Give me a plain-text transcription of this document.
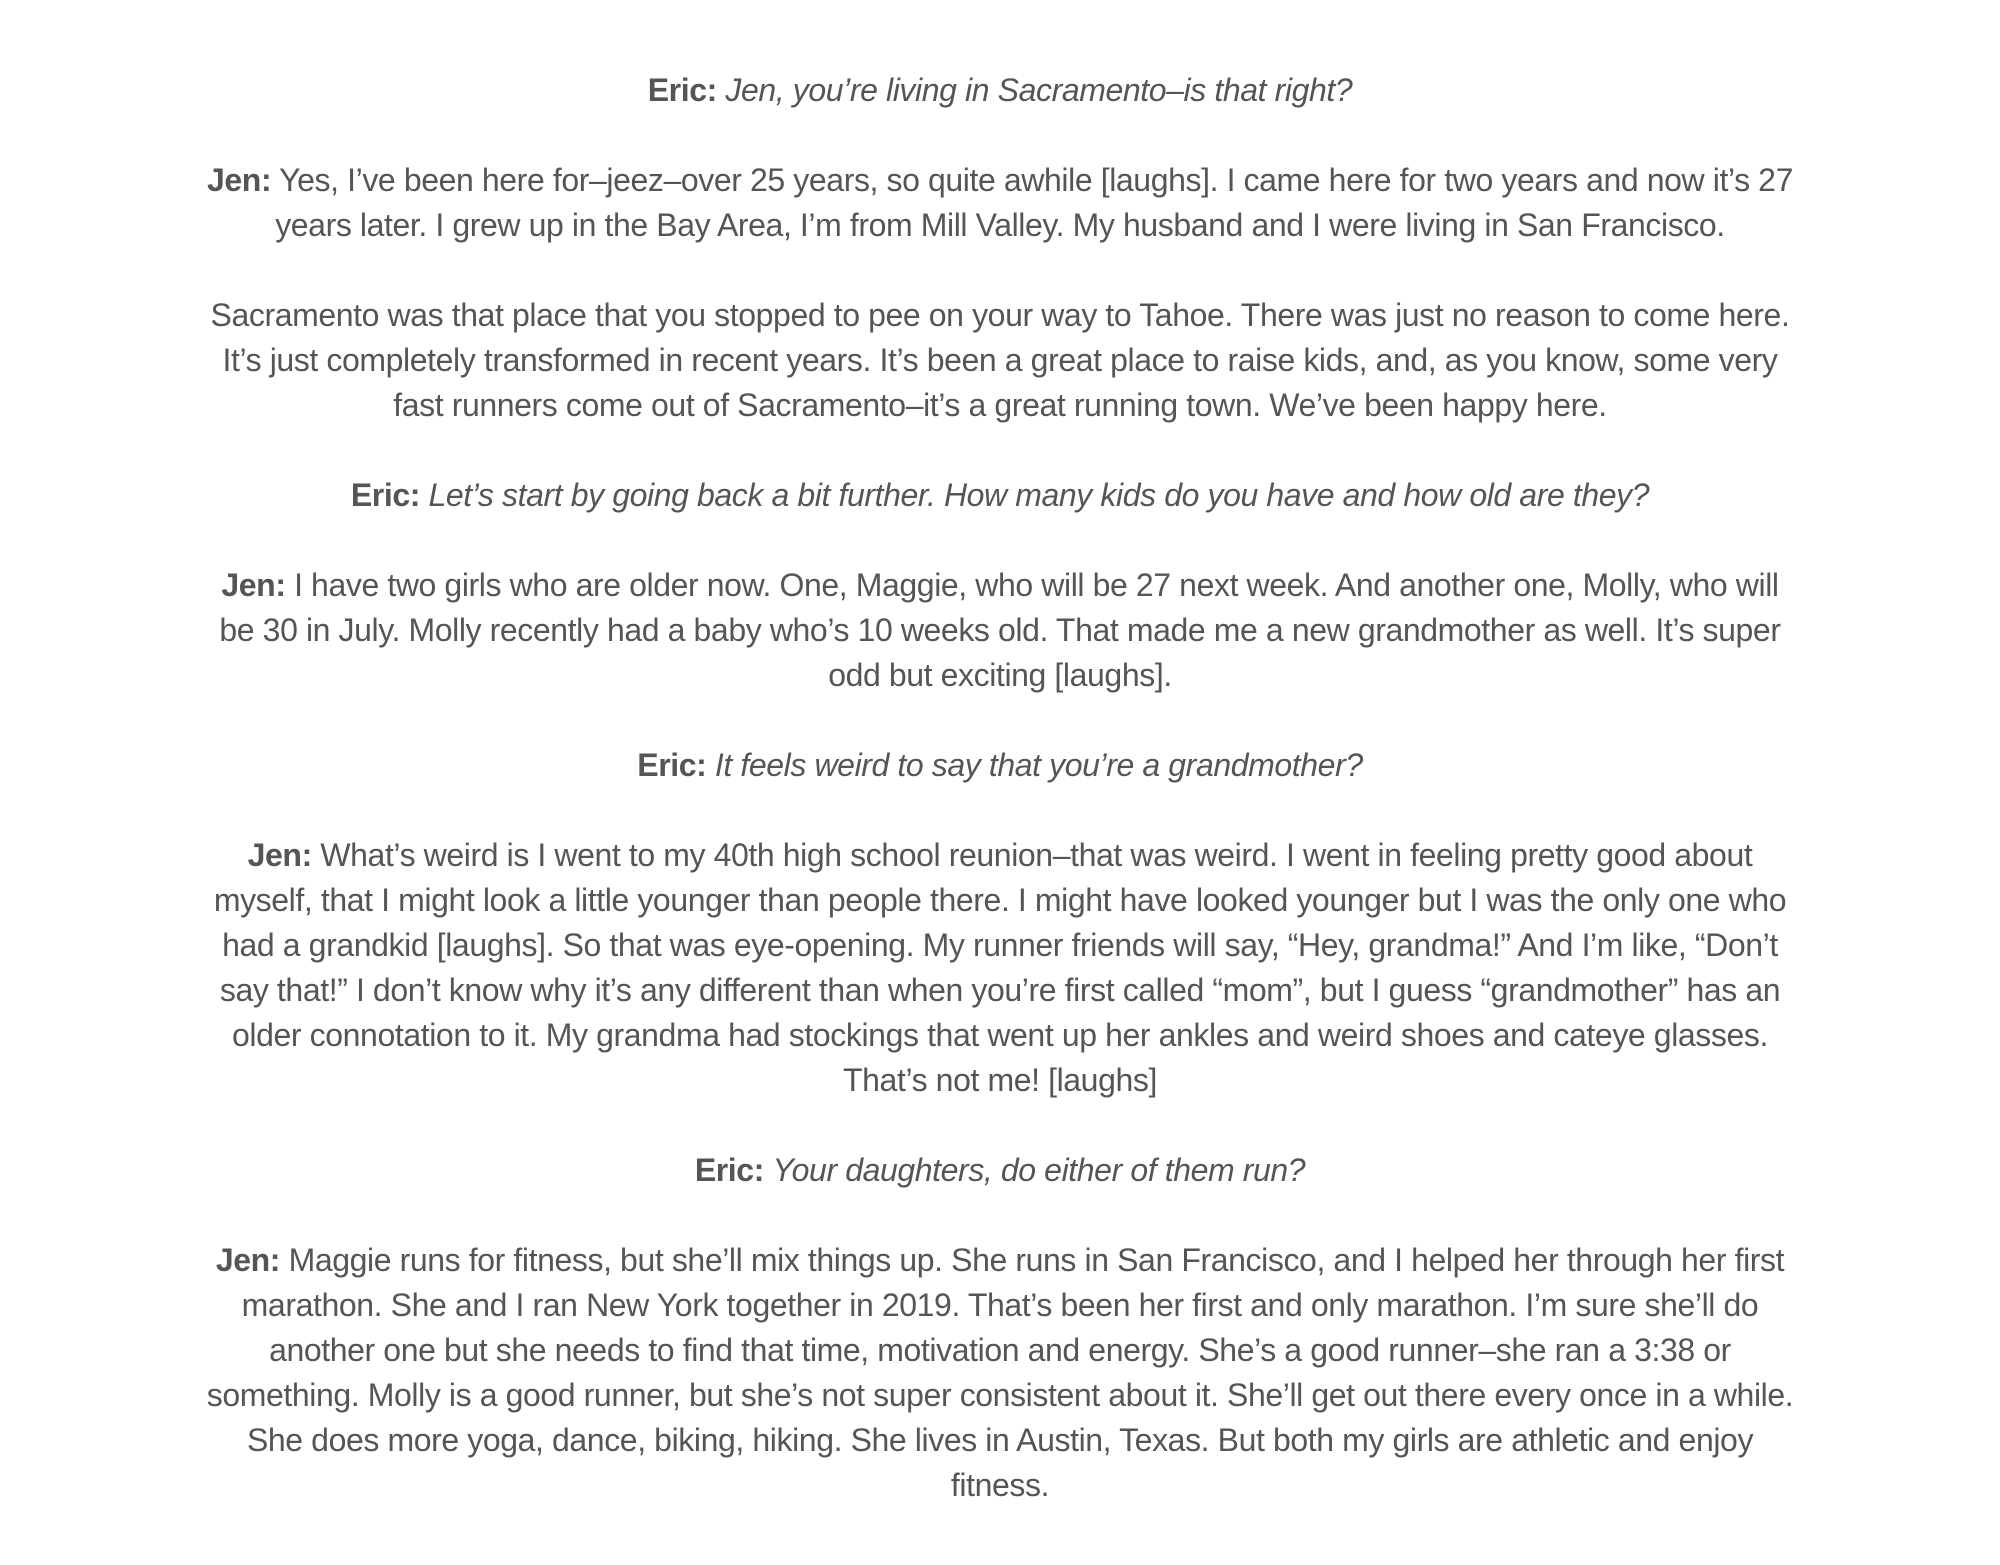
Eric: Jen, you’re living in Sacramento–is that right?

Jen: Yes, I’ve been here for–jeez–over 25 years, so quite awhile [laughs]. I came here for two years and now it’s 27 years later. I grew up in the Bay Area, I’m from Mill Valley. My husband and I were living in San Francisco.

Sacramento was that place that you stopped to pee on your way to Tahoe. There was just no reason to come here. It’s just completely transformed in recent years. It’s been a great place to raise kids, and, as you know, some very fast runners come out of Sacramento–it’s a great running town. We’ve been happy here.

Eric: Let’s start by going back a bit further. How many kids do you have and how old are they?

Jen: I have two girls who are older now. One, Maggie, who will be 27 next week. And another one, Molly, who will be 30 in July. Molly recently had a baby who’s 10 weeks old. That made me a new grandmother as well. It’s super odd but exciting [laughs].

Eric: It feels weird to say that you’re a grandmother?

Jen: What’s weird is I went to my 40th high school reunion–that was weird. I went in feeling pretty good about myself, that I might look a little younger than people there. I might have looked younger but I was the only one who had a grandkid [laughs]. So that was eye-opening. My runner friends will say, “Hey, grandma!” And I’m like, “Don’t say that!” I don’t know why it’s any different than when you’re first called “mom”, but I guess “grandmother” has an older connotation to it. My grandma had stockings that went up her ankles and weird shoes and cateye glasses. That’s not me! [laughs]

Eric: Your daughters, do either of them run?

Jen: Maggie runs for fitness, but she’ll mix things up. She runs in San Francisco, and I helped her through her first marathon. She and I ran New York together in 2019. That’s been her first and only marathon. I’m sure she’ll do another one but she needs to find that time, motivation and energy. She’s a good runner–she ran a 3:38 or something. Molly is a good runner, but she’s not super consistent about it. She’ll get out there every once in a while. She does more yoga, dance, biking, hiking. She lives in Austin, Texas. But both my girls are athletic and enjoy fitness.
